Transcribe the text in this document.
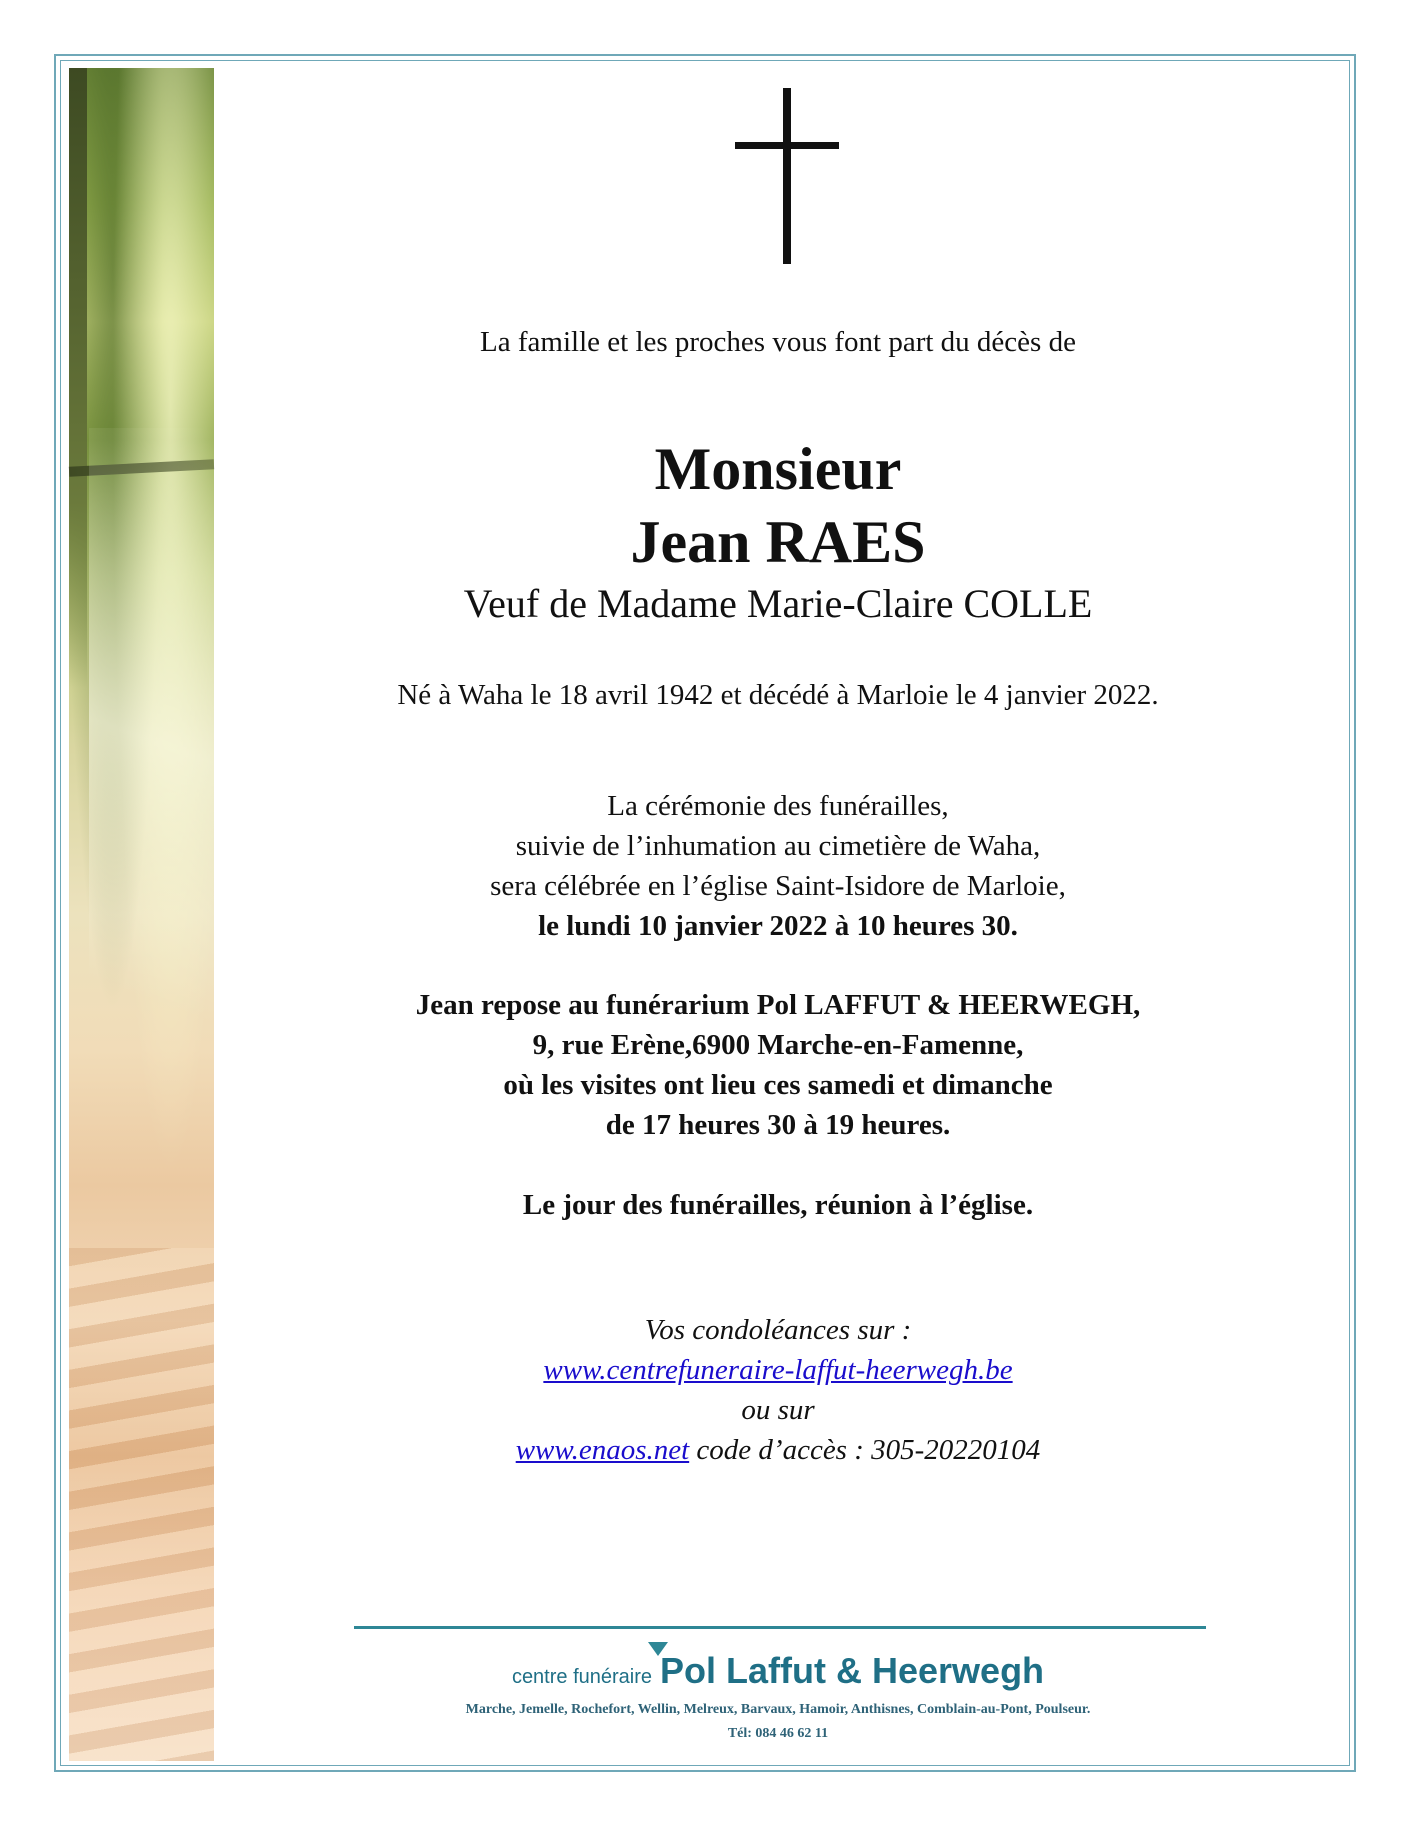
La famille et les proches vous font part du décès de
Monsieur
Jean RAES
Veuf de Madame Marie-Claire COLLE
Né à Waha le 18 avril 1942 et décédé à Marloie le 4 janvier 2022.
La cérémonie des funérailles,
suivie de l’inhumation au cimetière de Waha,
sera célébrée en l’église Saint-Isidore de Marloie,
le lundi 10 janvier 2022 à 10 heures 30.
Jean repose au funérarium Pol LAFFUT & HEERWEGH,
9, rue Erène,6900 Marche-en-Famenne,
où les visites ont lieu ces samedi et dimanche
de 17 heures 30 à 19 heures.
Le jour des funérailles, réunion à l’église.
Vos condoléances sur :
www.centrefuneraire-laffut-heerwegh.be
ou sur
www.enaos.net code d’accès : 305-20220104
centre funéraire Pol Laffut & Heerwegh
Marche, Jemelle, Rochefort, Wellin, Melreux, Barvaux, Hamoir, Anthisnes, Comblain-au-Pont, Poulseur.
Tél: 084 46 62 11
